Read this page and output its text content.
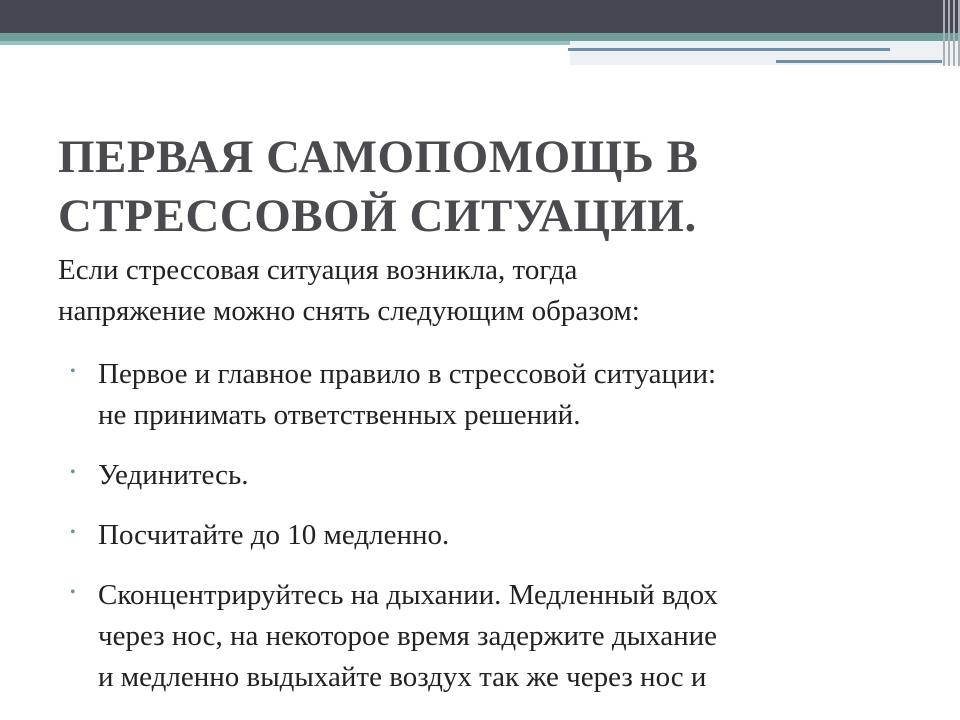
ПЕРВАЯ САМОПОМОЩЬ В
СТРЕССОВОЙ СИТУАЦИИ.

Если стрессовая ситуация возникла, тогда
напряжение можно снять следующим образом:

• Первое и главное правило в стрессовой ситуации:
не принимать ответственных решений.
• Уединитесь.
• Посчитайте до 10 медленно.
• Сконцентрируйтесь на дыхании. Медленный вдох
через нос, на некоторое время задержите дыхание
и медленно выдыхайте воздух так же через нос и
